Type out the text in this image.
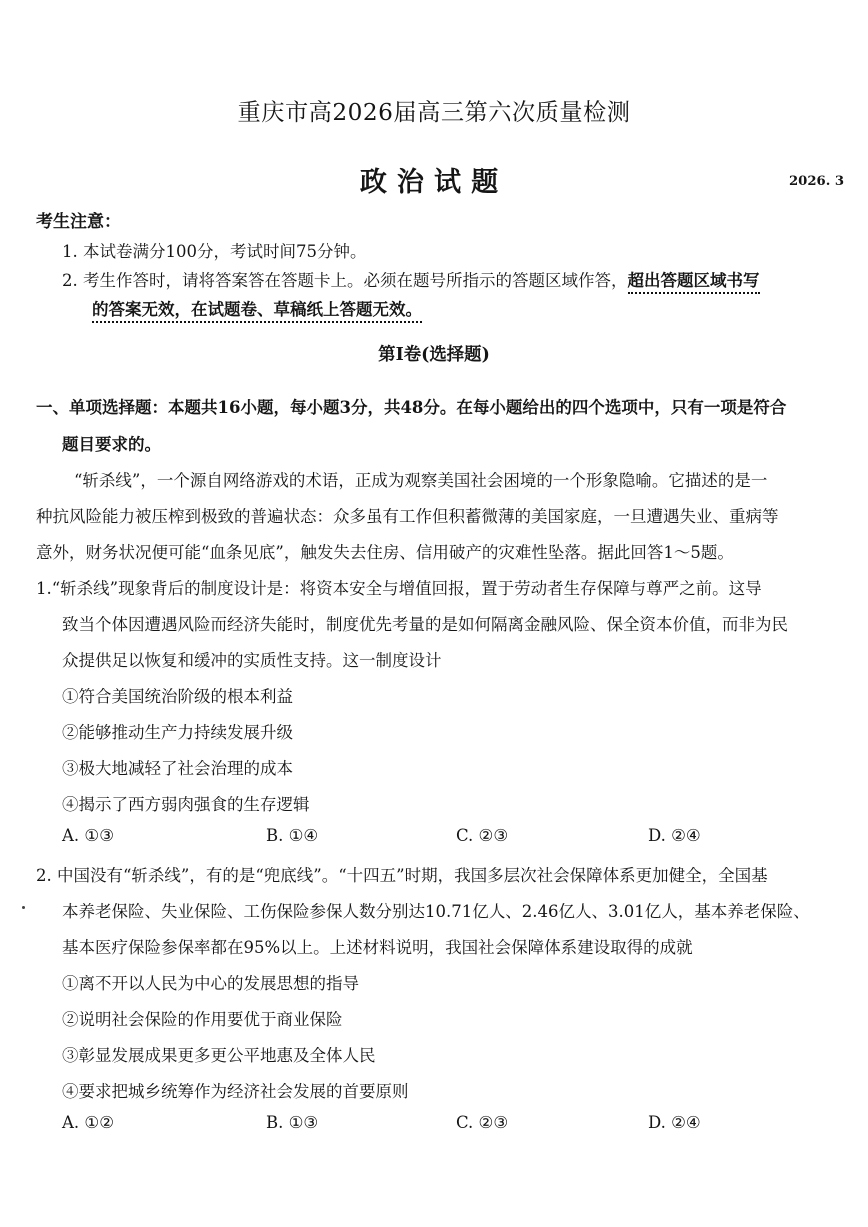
重庆市高2026届高三第六次质量检测
政治试题	2026. 3
考生注意：
1. 本试卷满分100分，考试时间75分钟。
2. 考生作答时，请将答案答在答题卡上。必须在题号所指示的答题区域作答，超出答题区域书写
的答案无效，在试题卷、草稿纸上答题无效。
第Ⅰ卷(选择题)
一、单项选择题：本题共16小题，每小题3分，共48分。在每小题给出的四个选项中，只有一项是符合
题目要求的。
“斩杀线”，一个源自网络游戏的术语，正成为观察美国社会困境的一个形象隐喻。它描述的是一
种抗风险能力被压榨到极致的普遍状态：众多虽有工作但积蓄微薄的美国家庭，一旦遭遇失业、重病等
意外，财务状况便可能“血条见底”，触发失去住房、信用破产的灾难性坠落。据此回答1～5题。
1.“斩杀线”现象背后的制度设计是：将资本安全与增值回报，置于劳动者生存保障与尊严之前。这导
致当个体因遭遇风险而经济失能时，制度优先考量的是如何隔离金融风险、保全资本价值，而非为民
众提供足以恢复和缓冲的实质性支持。这一制度设计
①符合美国统治阶级的根本利益
②能够推动生产力持续发展升级
③极大地减轻了社会治理的成本
④揭示了西方弱肉强食的生存逻辑
A. ①③	B. ①④	C. ②③	D. ②④
2. 中国没有“斩杀线”，有的是“兜底线”。“十四五”时期，我国多层次社会保障体系更加健全，全国基
本养老保险、失业保险、工伤保险参保人数分别达10.71亿人、2.46亿人、3.01亿人，基本养老保险、
基本医疗保险参保率都在95%以上。上述材料说明，我国社会保障体系建设取得的成就
①离不开以人民为中心的发展思想的指导
②说明社会保险的作用要优于商业保险
③彰显发展成果更多更公平地惠及全体人民
④要求把城乡统筹作为经济社会发展的首要原则
A. ①②	B. ①③	C. ②③	D. ②④
